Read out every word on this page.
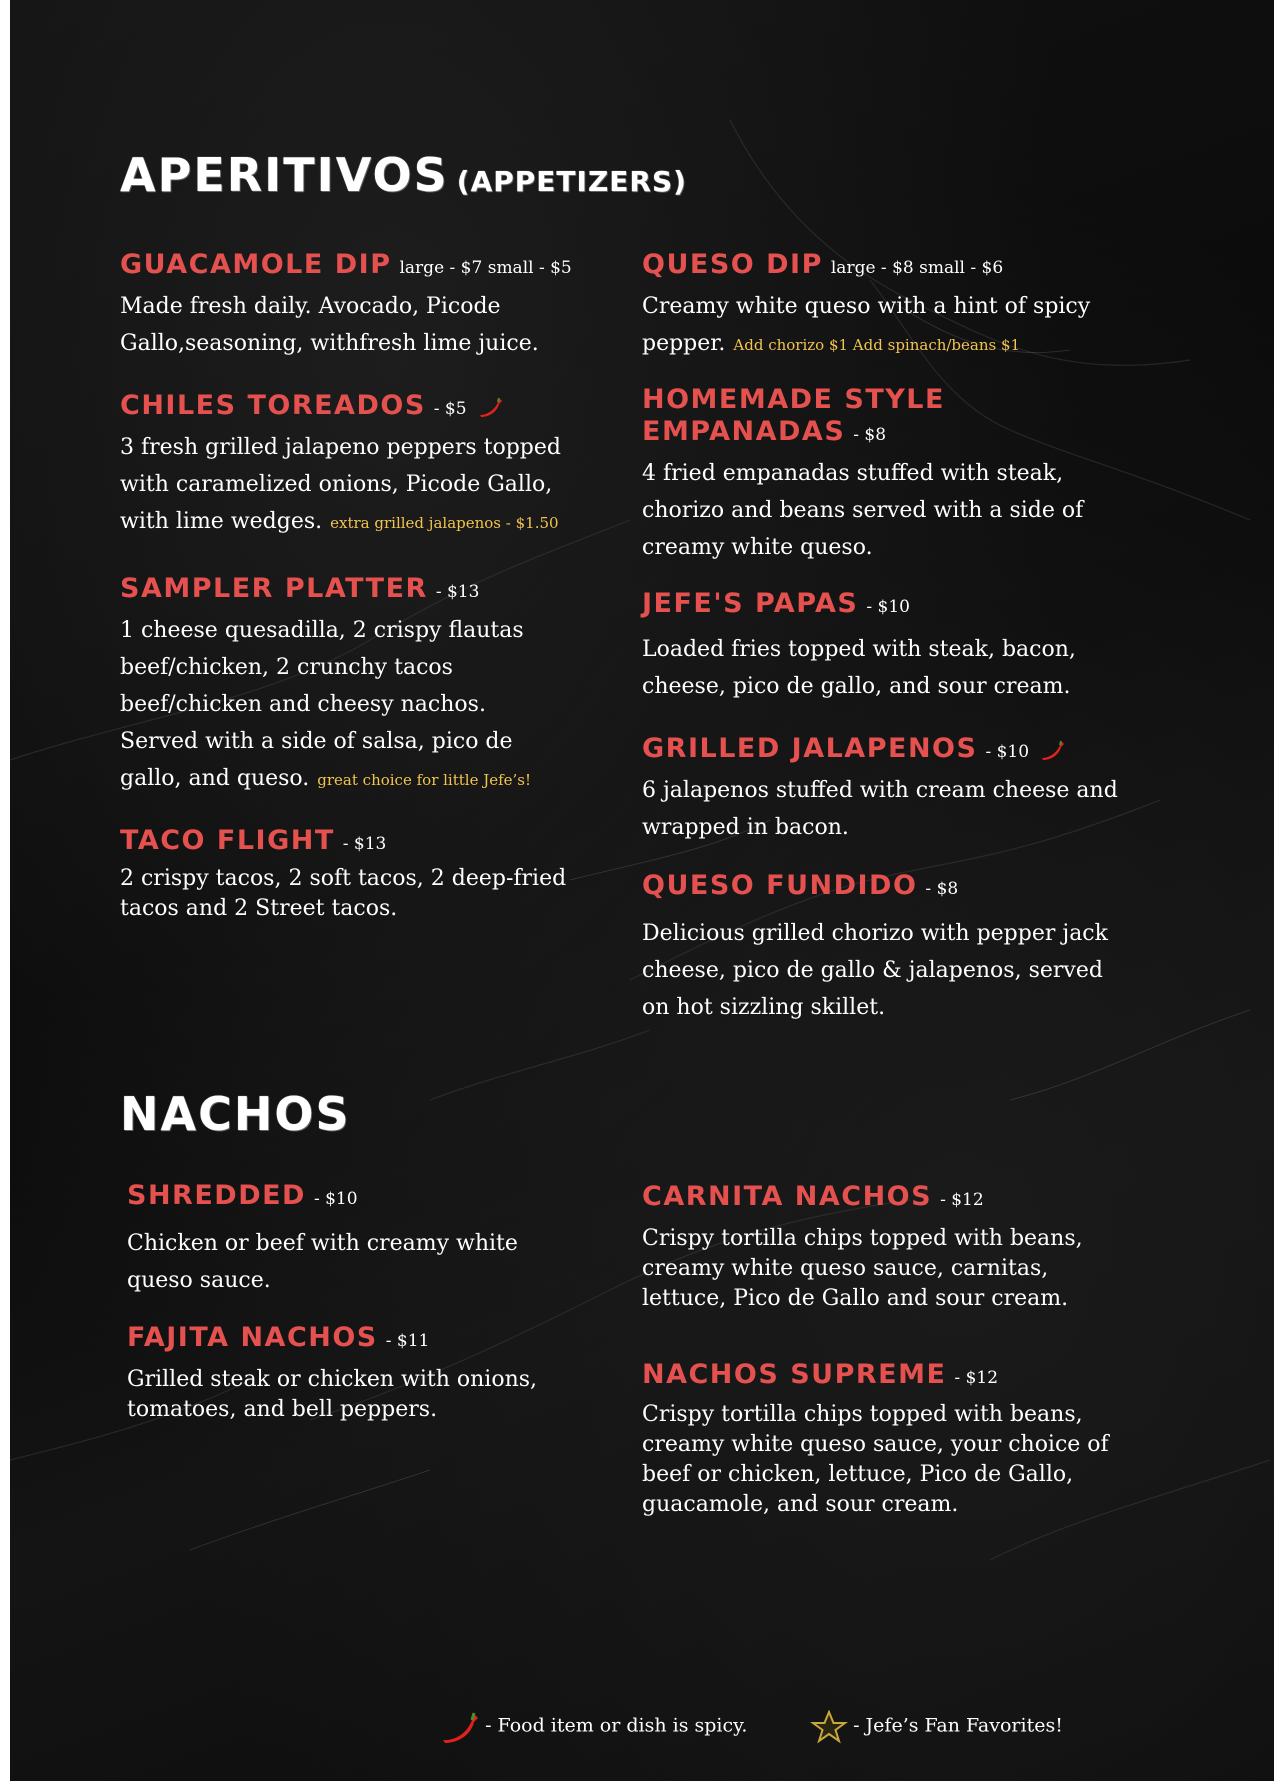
APERITIVOS (APPETIZERS)
GUACAMOLE DIP large - $7 small - $5
Made fresh daily. Avocado, Picode Gallo,seasoning, withfresh lime juice.
CHILES TOREADOS - $5
3 fresh grilled jalapeno peppers topped with caramelized onions, Picode Gallo, with lime wedges. extra grilled jalapenos - $1.50
SAMPLER PLATTER - $13
1 cheese quesadilla, 2 crispy flautas beef/chicken, 2 crunchy tacos beef/chicken and cheesy nachos. Served with a side of salsa, pico de gallo, and queso. great choice for little Jefe’s!
TACO FLIGHT - $13
2 crispy tacos, 2 soft tacos, 2 deep-fried tacos and 2 Street tacos.
QUESO DIP large - $8 small - $6
Creamy white queso with a hint of spicy pepper. Add chorizo $1 Add spinach/beans $1
HOMEMADE STYLE
EMPANADAS - $8
4 fried empanadas stuffed with steak, chorizo and beans served with a side of creamy white queso.
JEFE'S PAPAS - $10
Loaded fries topped with steak, bacon, cheese, pico de gallo, and sour cream.
GRILLED JALAPENOS - $10
6 jalapenos stuffed with cream cheese and wrapped in bacon.
QUESO FUNDIDO - $8
Delicious grilled chorizo with pepper jack cheese, pico de gallo & jalapenos, served on hot sizzling skillet.
NACHOS
SHREDDED - $10
Chicken or beef with creamy white queso sauce.
FAJITA NACHOS - $11
Grilled steak or chicken with onions, tomatoes, and bell peppers.
CARNITA NACHOS - $12
Crispy tortilla chips topped with beans, creamy white queso sauce, carnitas, lettuce, Pico de Gallo and sour cream.
NACHOS SUPREME - $12
Crispy tortilla chips topped with beans, creamy white queso sauce, your choice of beef or chicken, lettuce, Pico de Gallo, guacamole, and sour cream.
- Food item or dish is spicy.	- Jefe’s Fan Favorites!
